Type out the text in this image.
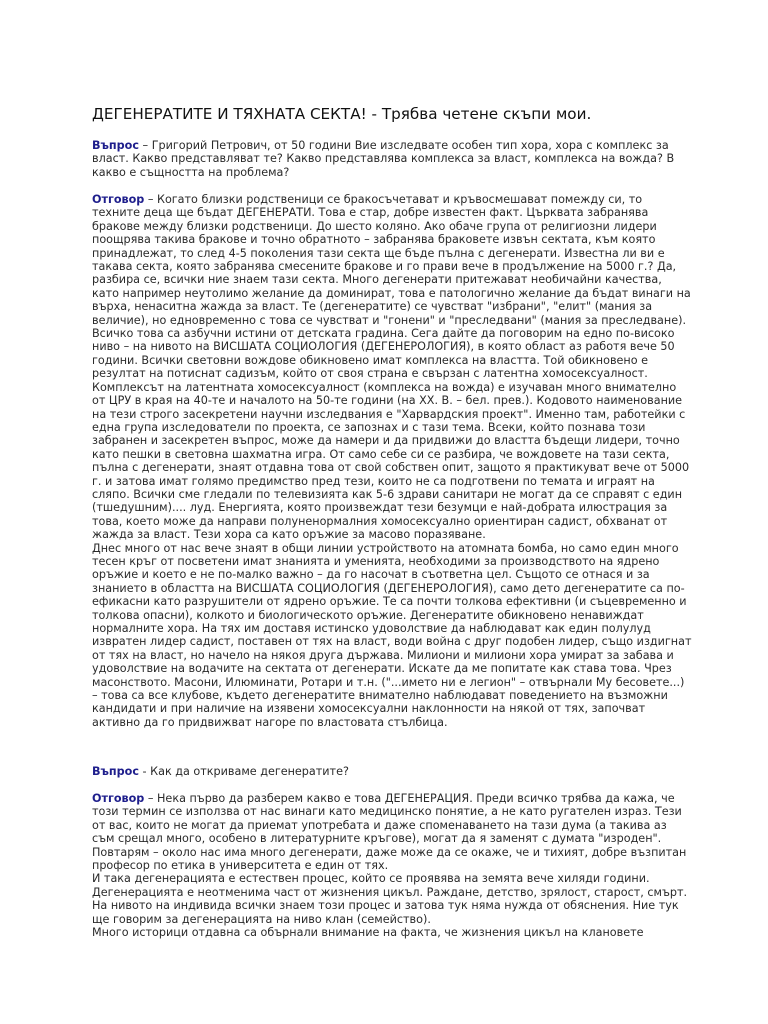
ДЕГЕНЕРАТИТЕ И ТЯХНАТА СЕКТА! - Трябва четене скъпи мои.

Въпрос – Григорий Петрович, от 50 години Вие изследвате особен тип хора, хора с комплекс за власт. Какво представляват те? Какво представлява комплекса за власт, комплекса на вожда? В какво е същността на проблема?

Отговор – Когато близки родственици се бракосъчетават и кръвосмешават помежду си, то техните деца ще бъдат ДЕГЕНЕРАТИ. Това е стар, добре известен факт. Църквата забранява бракове между близки родственици. До шесто коляно. Ако обаче група от религиозни лидери поощрява такива бракове и точно обратното – забранява браковете извън сектата, към която принадлежат, то след 4-5 поколения тази секта ще бъде пълна с дегенерати. Известна ли ви е такава секта, която забранява смесените бракове и го прави вече в продължение на 5000 г.? Да, разбира се, всички ние знаем тази секта. Много дегенерати притежават необичайни качества, като например неутолимо желание да доминират, това е патологично желание да бъдат винаги на върха, ненаситна жажда за власт. Те (дегенератите) се чувстват "избрани", "елит" (мания за величие), но едновременно с това се чувстват и "гонени" и "преследвани" (мания за преследване). Всичко това са азбучни истини от детската градина. Сега дайте да поговорим на едно по-високо ниво – на нивото на ВИСШАТА СОЦИОЛОГИЯ (ДЕГЕНЕРОЛОГИЯ), в която област аз работя вече 50 години. Всички световни вождове обикновено имат комплекса на властта. Той обикновено е резултат на потиснат садизъм, който от своя страна е свързан с латентна хомосексуалност. Комплексът на латентната хомосексуалност (комплекса на вожда) е изучаван много внимателно от ЦРУ в края на 40-те и началото на 50-те години (на XX. В. – бел. прев.). Кодовото наименование на тези строго засекретени научни изследвания е "Харвардския проект". Именно там, работейки с една група изследователи по проекта, се запознах и с тази тема. Всеки, който познава този забранен и засекретен въпрос, може да намери и да придвижи до властта бъдещи лидери, точно като пешки в световна шахматна игра. От само себе си се разбира, че вождовете на тази секта, пълна с дегенерати, знаят отдавна това от свой собствен опит, защото я практикуват вече от 5000 г. и затова имат голямо предимство пред тези, които не са подготвени по темата и играят на сляпо. Всички сме гледали по телевизията как 5-6 здрави санитари не могат да се справят с един (тшедушним).... луд. Енергията, която произвеждат тези безумци е най-добрата илюстрация за това, което може да направи полуненормалния хомосексуално ориентиран садист, обхванат от жажда за власт. Тези хора са като оръжие за масово поразяване.

Днес много от нас вече знаят в общи линии устройството на атомната бомба, но само един много тесен кръг от посветени имат знанията и уменията, необходими за производството на ядрено оръжие и което е не по-малко важно – да го насочат в съответна цел. Същото се отнася и за знанието в областта на ВИСШАТА СОЦИОЛОГИЯ (ДЕГЕНЕРОЛОГИЯ), само дето дегенератите са по-ефикасни като разрушители от ядрено оръжие. Те са почти толкова ефективни (и съцевременно и толкова опасни), колкото и биологическото оръжие. Дегенератите обикновено ненавиждат нормалните хора. На тях им доставя истинско удоволствие да наблюдават как един полулуд извратен лидер садист, поставен от тях на власт, води война с друг подобен лидер, също издигнат от тях на власт, но начело на някоя друга държава. Милиони и милиони хора умират за забава и удоволствие на водачите на сектата от дегенерати. Искате да ме попитате как става това. Чрез масонството. Масони, Илюминати, Ротари и т.н. ("...името ни е легион" – отвърнали Му бесовете...) – това са все клубове, където дегенератите внимателно наблюдават поведението на възможни кандидати и при наличие на изявени хомосексуални наклонности на някой от тях, започват активно да го придвижват нагоре по властовата стълбица.

Въпрос - Как да откриваме дегенератите?

Отговор – Нека първо да разберем какво е това ДЕГЕНЕРАЦИЯ. Преди всичко трябва да кажа, че този термин се използва от нас винаги като медицинско понятие, а не като ругателен израз. Тези от вас, които не могат да приемат употребата и даже споменаването на тази дума (а такива аз съм срещал много, особено в литературните кръгове), могат да я заменят с думата "изроден". Повтарям – около нас има много дегенерати, даже може да се окаже, че и тихият, добре възпитан професор по етика в университета е един от тях.

И така дегенерацията е естествен процес, който се проявява на земята вече хиляди години. Дегенерацията е неотменима част от жизнения цикъл. Раждане, детство, зрялост, старост, смърт. На нивото на индивида всички знаем този процес и затова тук няма нужда от обяснения. Ние тук ще говорим за дегенерацията на ниво клан (семейство).

Много историци отдавна са обърнали внимание на факта, че жизнения цикъл на клановете
